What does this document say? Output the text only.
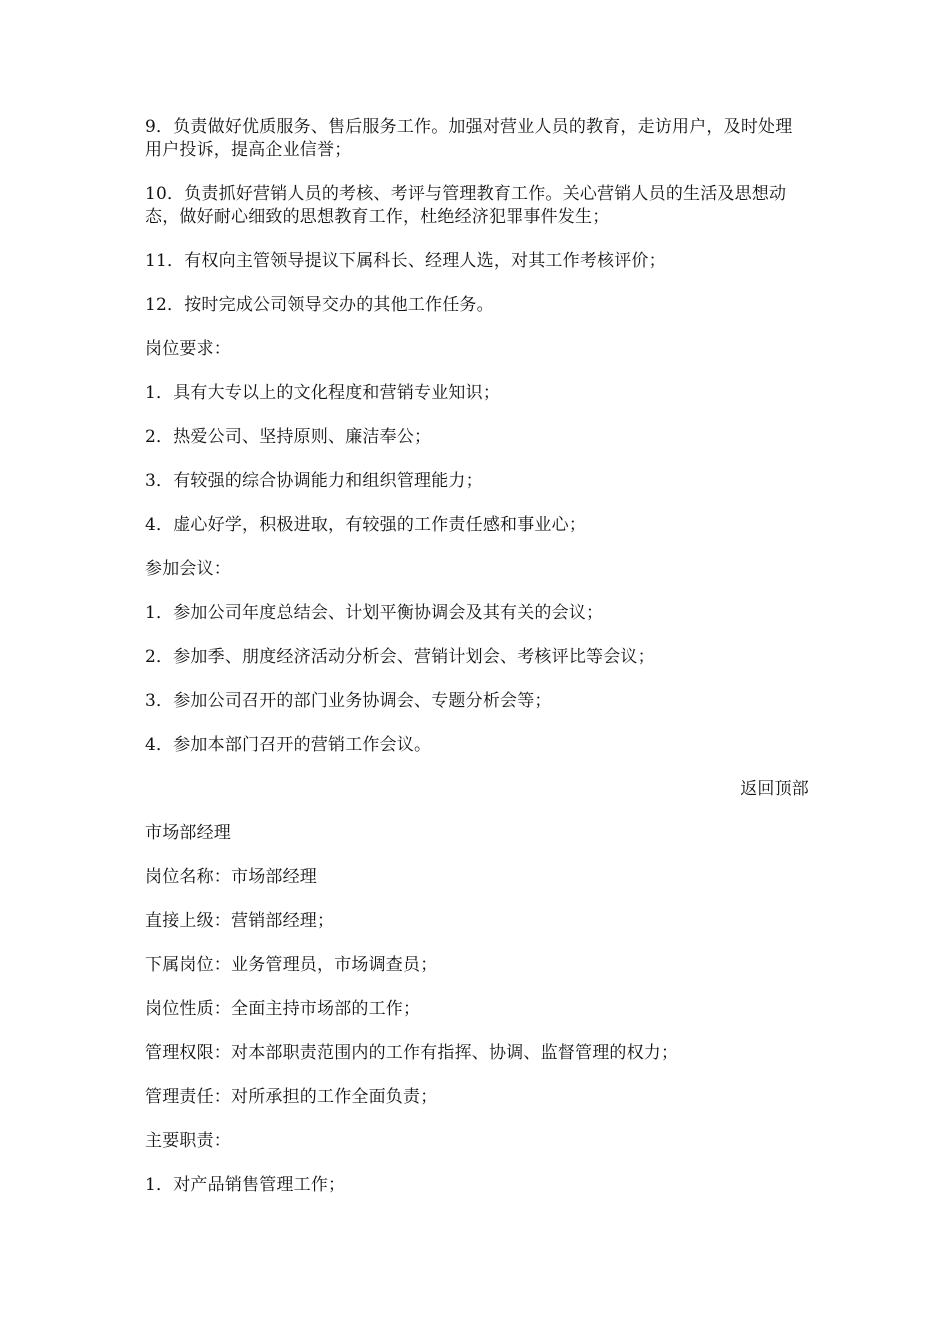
9．负责做好优质服务、售后服务工作。加强对营业人员的教育，走访用户，及时处理用户投诉，提高企业信誉；

10．负责抓好营销人员的考核、考评与管理教育工作。关心营销人员的生活及思想动态，做好耐心细致的思想教育工作，杜绝经济犯罪事件发生；

11．有权向主管领导提议下属科长、经理人选，对其工作考核评价；

12．按时完成公司领导交办的其他工作任务。

岗位要求：

1．具有大专以上的文化程度和营销专业知识；

2．热爱公司、坚持原则、廉洁奉公；

3．有较强的综合协调能力和组织管理能力；

4．虚心好学，积极进取，有较强的工作责任感和事业心；

参加会议：

1．参加公司年度总结会、计划平衡协调会及其有关的会议；

2．参加季、朋度经济活动分析会、营销计划会、考核评比等会议；

3．参加公司召开的部门业务协调会、专题分析会等；

4．参加本部门召开的营销工作会议。

返回顶部

市场部经理

岗位名称：市场部经理

直接上级：营销部经理；

下属岗位：业务管理员，市场调查员；

岗位性质：全面主持市场部的工作；

管理权限：对本部职责范围内的工作有指挥、协调、监督管理的权力；

管理责任：对所承担的工作全面负责；

主要职责：

1．对产品销售管理工作；
